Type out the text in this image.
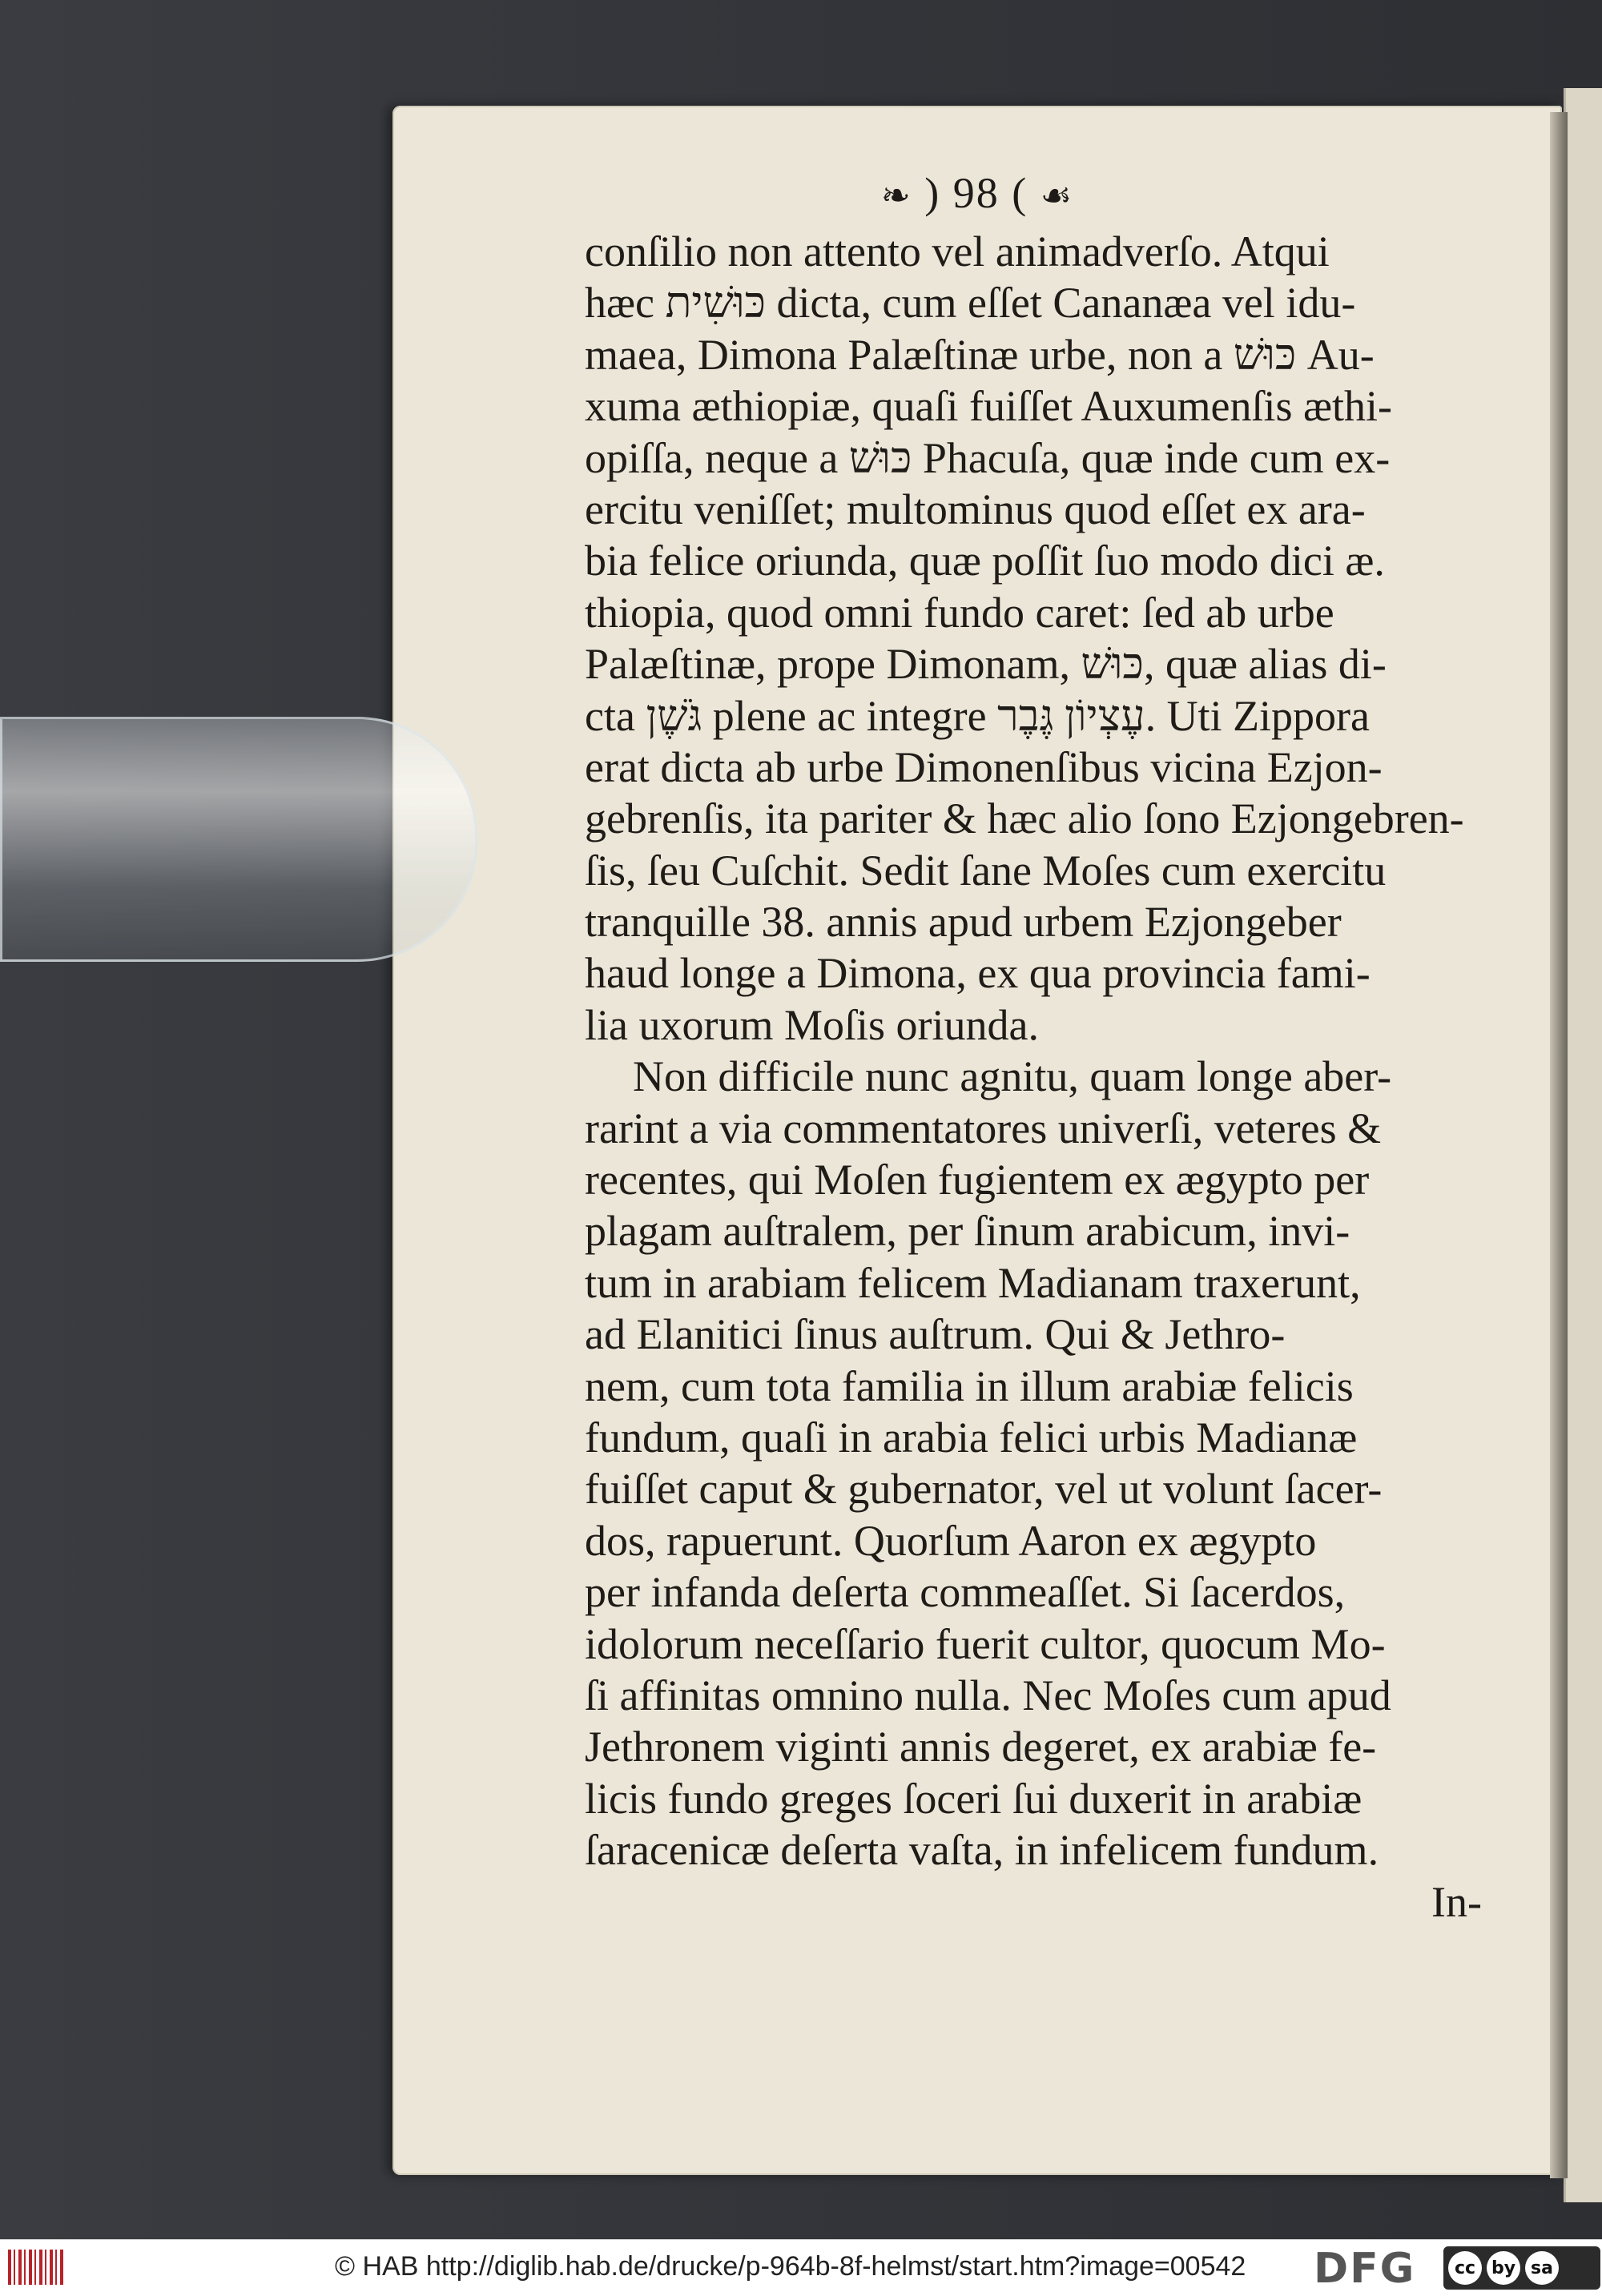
❧ ) 98 ( ☙
conſilio non attento vel animadverſo. Atqui
hæc כּוּשִׁית dicta, cum eſſet Cananæa vel idu-
maea, Dimona Palæſtinæ urbe, non a כּוּשׁ Au-
xuma æthiopiæ, quaſi fuiſſet Auxumenſis æthi-
opiſſa, neque a כּוּשׁ Phacuſa, quæ inde cum ex-
ercitu veniſſet; multominus quod eſſet ex ara-
bia felice oriunda, quæ poſſit ſuo modo dici æ.
thiopia, quod omni fundo caret: ſed ab urbe
Palæſtinæ, prope Dimonam, כּוּשׁ, quæ alias di-
cta גֹּשֶׁן plene ac integre עֶצְיוֹן גֶּבֶר. Uti Zippora
erat dicta ab urbe Dimonenſibus vicina Ezjon-
gebrenſis, ita pariter & hæc alio ſono Ezjongebren-
ſis, ſeu Cuſchit. Sedit ſane Moſes cum exercitu
tranquille 38. annis apud urbem Ezjongeber
haud longe a Dimona, ex qua provincia fami-
lia uxorum Moſis oriunda.
Non difficile nunc agnitu, quam longe aber-
rarint a via commentatores univerſi, veteres &
recentes, qui Moſen fugientem ex ægypto per
plagam auſtralem, per ſinum arabicum, invi-
tum in arabiam felicem Madianam traxerunt,
ad Elanitici ſinus auſtrum. Qui & Jethro-
nem, cum tota familia in illum arabiæ felicis
fundum, quaſi in arabia felici urbis Madianæ
fuiſſet caput & gubernator, vel ut volunt ſacer-
dos, rapuerunt. Quorſum Aaron ex ægypto
per infanda deſerta commeaſſet. Si ſacerdos,
idolorum neceſſario fuerit cultor, quocum Mo-
ſi affinitas omnino nulla. Nec Moſes cum apud
Jethronem viginti annis degeret, ex arabiæ fe-
licis fundo greges ſoceri ſui duxerit in arabiæ
ſaracenicæ deſerta vaſta, in infelicem fundum.
In-
© HAB http://diglib.hab.de/drucke/p-964b-8f-helmst/start.htm?image=00542 DFG	cc by sa
